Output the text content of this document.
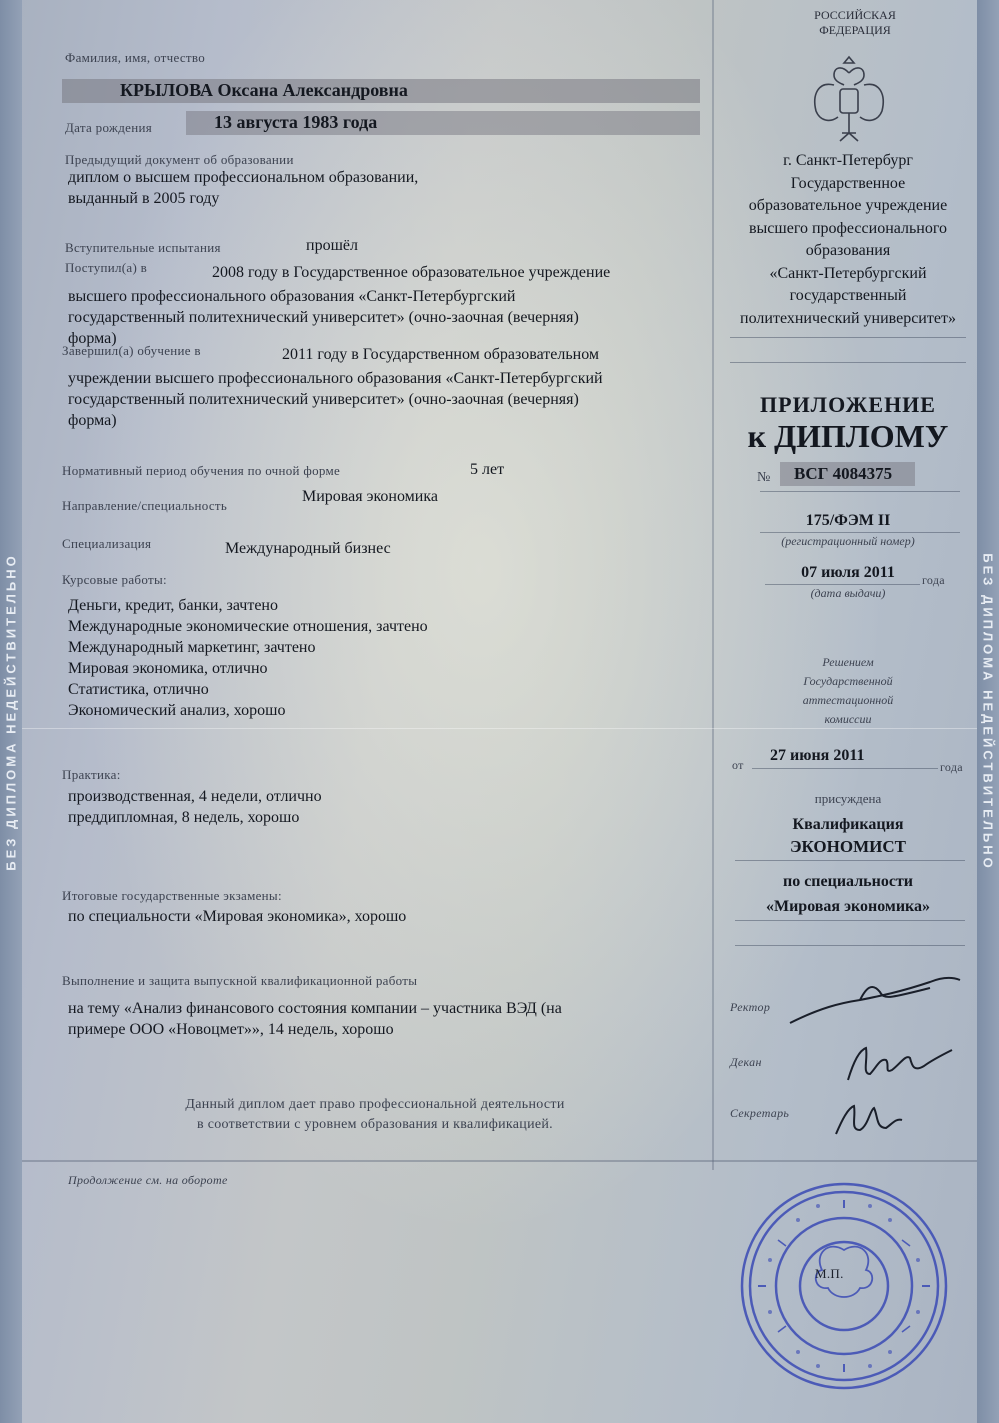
БЕЗ ДИПЛОМА НЕДЕЙСТВИТЕЛЬНО	БЕЗ ДИПЛОМА НЕДЕЙСТВИТЕЛЬНО
Фамилия, имя, отчество
КРЫЛОВА Оксана Александровна
Дата рождения	13 августа 1983 года
Предыдущий документ об образовании
диплом о высшем профессиональном образовании,
выданный в 2005 году
Вступительные испытания	прошёл
Поступил(а) в	2008 году в Государственное образовательное учреждение
высшего профессионального образования «Санкт-Петербургский
государственный политехнический университет» (очно-заочная (вечерняя)
форма)
Завершил(а) обучение в	2011 году в Государственном образовательном
учреждении высшего профессионального образования «Санкт-Петербургский
государственный политехнический университет» (очно-заочная (вечерняя)
форма)
Нормативный период обучения по очной форме	5 лет
Направление/специальность
Мировая экономика
Специализация	Международный бизнес
Курсовые работы:
Деньги, кредит, банки, зачтено
Международные экономические отношения, зачтено
Международный маркетинг, зачтено
Мировая экономика, отлично
Статистика, отлично
Экономический анализ, хорошо
Практика:
производственная, 4 недели, отлично
преддипломная, 8 недель, хорошо
Итоговые государственные экзамены:
по специальности «Мировая экономика», хорошо
Выполнение и защита выпускной квалификационной работы
на тему «Анализ финансового состояния компании – участника ВЭД (на
примере ООО «Новоцмет»», 14 недель, хорошо
Данный диплом дает право профессиональной деятельности
в соответствии с уровнем образования и квалификацией.
Продолжение см. на обороте
РОССИЙСКАЯ
ФЕДЕРАЦИЯ
г. Санкт-Петербург
Государственное
образовательное учреждение
высшего профессионального
образования
«Санкт-Петербургский
государственный
политехнический университет»
ПРИЛОЖЕНИЕ
к ДИПЛОМУ
№ ВСГ 4084375
175/ФЭМ II
(регистрационный номер)
07 июля 2011	года
(дата выдачи)
Решением
Государственной
аттестационной
комиссии
от
27 июня 2011
года
присуждена
Квалификация
ЭКОНОМИСТ
по специальности
«Мировая экономика»
Ректор
Декан
Секретарь
М.П.
